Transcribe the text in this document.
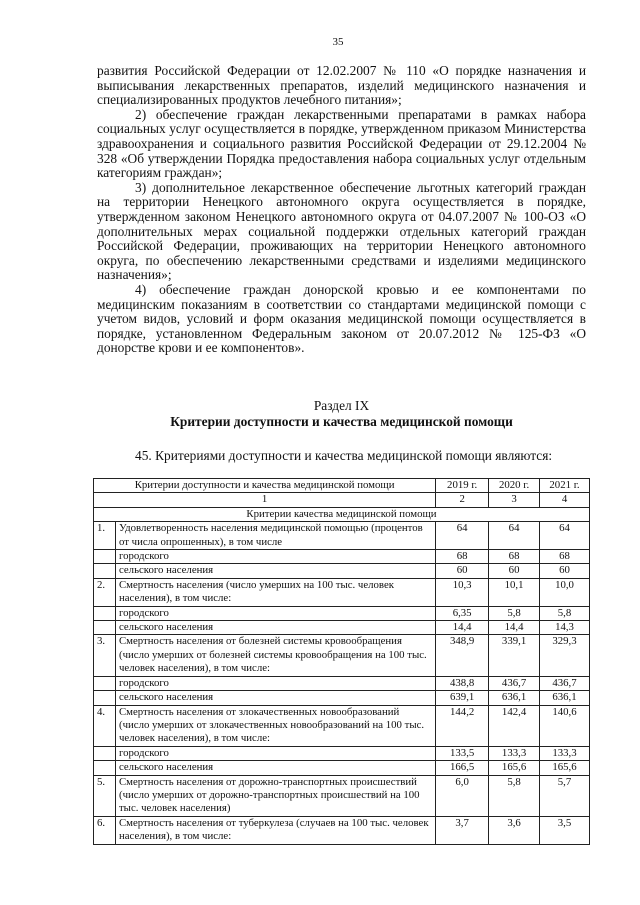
35

развития Российской Федерации от 12.02.2007 № 110 «О порядке назначения и выписывания лекарственных препаратов, изделий медицинского назначения и специализированных продуктов лечебного питания»;

2) обеспечение граждан лекарственными препаратами в рамках набора социальных услуг осуществляется в порядке, утвержденном приказом Министерства здравоохранения и социального развития Российской Федерации от 29.12.2004 № 328 «Об утверждении Порядка предоставления набора социальных услуг отдельным категориям граждан»;

3) дополнительное лекарственное обеспечение льготных категорий граждан на территории Ненецкого автономного округа осуществляется в порядке, утвержденном законом Ненецкого автономного округа от 04.07.2007 № 100-ОЗ «О дополнительных мерах социальной поддержки отдельных категорий граждан Российской Федерации, проживающих на территории Ненецкого автономного округа, по обеспечению лекарственными средствами и изделиями медицинского назначения»;

4) обеспечение граждан донорской кровью и ее компонентами по медицинским показаниям в соответствии со стандартами медицинской помощи с учетом видов, условий и форм оказания медицинской помощи осуществляется в порядке, установленном Федеральным законом от 20.07.2012 № 125-ФЗ «О донорстве крови и ее компонентов».

Раздел IX
Критерии доступности и качества медицинской помощи
45. Критериями доступности и качества медицинской помощи являются:
Критерии доступности и качества медицинской помощи		2019 г.	2020 г.	2021 г.
1		2	3	4
Критерии качества медицинской помощи				
1.	Удовлетворенность населения медицинской помощью (процентов от числа опрошенных), в том числе	64	64	64
	городского	68	68	68
	сельского населения	60	60	60
2.	Смертность населения (число умерших на 100 тыс. человек населения), в том числе:	10,3	10,1	10,0
	городского	6,35	5,8	5,8
	сельского населения	14,4	14,4	14,3
3.	Смертность населения от болезней системы кровообращения (число умерших от болезней системы кровообращения на 100 тыс. человек населения), в том числе:	348,9	339,1	329,3
	городского	438,8	436,7	436,7
	сельского населения	639,1	636,1	636,1
4.	Смертность населения от злокачественных новообразований (число умерших от злокачественных новообразований на 100 тыс. человек населения), в том числе:	144,2	142,4	140,6
	городского	133,5	133,3	133,3
	сельского населения	166,5	165,6	165,6
5.	Смертность населения от дорожно-транспортных происшествий (число умерших от дорожно-транспортных происшествий на 100 тыс. человек населения)	6,0	5,8	5,7
6.	Смертность населения от туберкулеза (случаев на 100 тыс. человек населения), в том числе:	3,7	3,6	3,5
